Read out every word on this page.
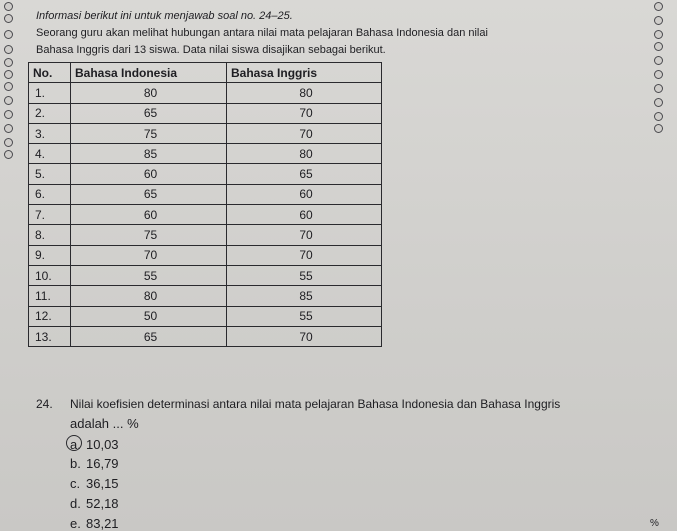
Informasi berikut ini untuk menjawab soal no. 24–25.
Seorang guru akan melihat hubungan antara nilai mata pelajaran Bahasa Indonesia dan nilai
Bahasa Inggris dari 13 siswa. Data nilai siswa disajikan sebagai berikut.
No.	Bahasa Indonesia	Bahasa Inggris
1.	80	80
2.	65	70
3.	75	70
4.	85	80
5.	60	65
6.	65	60
7.	60	60
8.	75	70
9.	70	70
10.	55	55
11.	80	85
12.	50	55
13.	65	70
24. Nilai koefisien determinasi antara nilai mata pelajaran Bahasa Indonesia dan Bahasa Inggris
adalah ... %
a. 10,03
b. 16,79
c. 36,15
d. 52,18
e. 83,21	%
